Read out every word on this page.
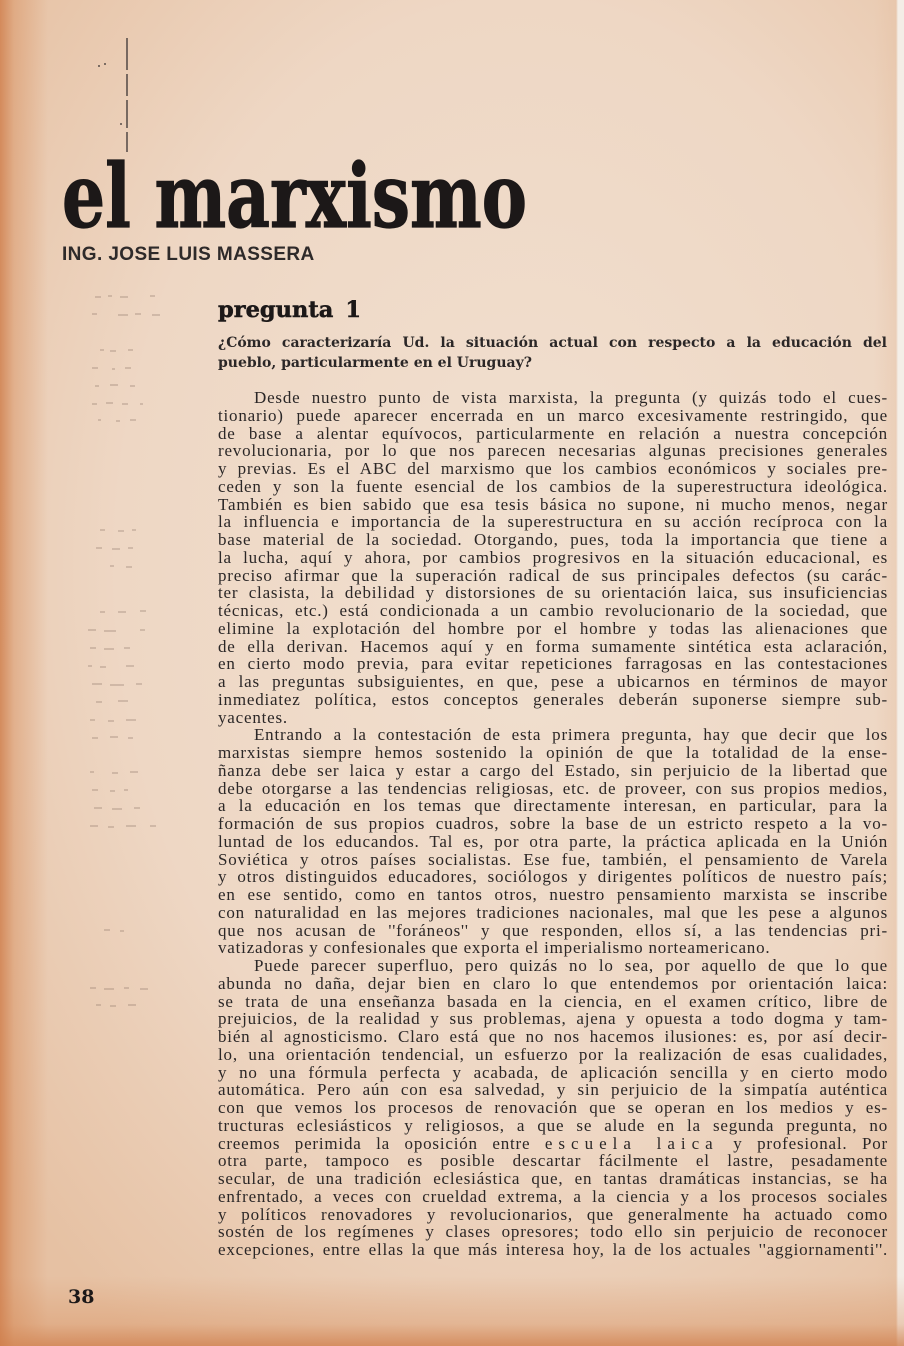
el marxismo
ING. JOSE LUIS MASSERA
pregunta 1
¿Cómo caracterizaría Ud. la situación actual con respecto a la educación del
pueblo, particularmente en el Uruguay?
Desde nuestro punto de vista marxista, la pregunta (y quizás todo el cues-
tionario) puede aparecer encerrada en un marco excesivamente restringido, que
de base a alentar equívocos, particularmente en relación a nuestra concepción
revolucionaria, por lo que nos parecen necesarias algunas precisiones generales
y previas. Es el ABC del marxismo que los cambios económicos y sociales pre-
ceden y son la fuente esencial de los cambios de la superestructura ideológica.
También es bien sabido que esa tesis básica no supone, ni mucho menos, negar
la influencia e importancia de la superestructura en su acción recíproca con la
base material de la sociedad. Otorgando, pues, toda la importancia que tiene a
la lucha, aquí y ahora, por cambios progresivos en la situación educacional, es
preciso afirmar que la superación radical de sus principales defectos (su carác-
ter clasista, la debilidad y distorsiones de su orientación laica, sus insuficiencias
técnicas, etc.) está condicionada a un cambio revolucionario de la sociedad, que
elimine la explotación del hombre por el hombre y todas las alienaciones que
de ella derivan. Hacemos aquí y en forma sumamente sintética esta aclaración,
en cierto modo previa, para evitar repeticiones farragosas en las contestaciones
a las preguntas subsiguientes, en que, pese a ubicarnos en términos de mayor
inmediatez política, estos conceptos generales deberán suponerse siempre sub-
yacentes.
Entrando a la contestación de esta primera pregunta, hay que decir que los
marxistas siempre hemos sostenido la opinión de que la totalidad de la ense-
ñanza debe ser laica y estar a cargo del Estado, sin perjuicio de la libertad que
debe otorgarse a las tendencias religiosas, etc. de proveer, con sus propios medios,
a la educación en los temas que directamente interesan, en particular, para la
formación de sus propios cuadros, sobre la base de un estricto respeto a la vo-
luntad de los educandos. Tal es, por otra parte, la práctica aplicada en la Unión
Soviética y otros países socialistas. Ese fue, también, el pensamiento de Varela
y otros distinguidos educadores, sociólogos y dirigentes políticos de nuestro país;
en ese sentido, como en tantos otros, nuestro pensamiento marxista se inscribe
con naturalidad en las mejores tradiciones nacionales, mal que les pese a algunos
que nos acusan de ''foráneos'' y que responden, ellos sí, a las tendencias pri-
vatizadoras y confesionales que exporta el imperialismo norteamericano.
Puede parecer superfluo, pero quizás no lo sea, por aquello de que lo que
abunda no daña, dejar bien en claro lo que entendemos por orientación laica:
se trata de una enseñanza basada en la ciencia, en el examen crítico, libre de
prejuicios, de la realidad y sus problemas, ajena y opuesta a todo dogma y tam-
bién al agnosticismo. Claro está que no nos hacemos ilusiones: es, por así decir-
lo, una orientación tendencial, un esfuerzo por la realización de esas cualidades,
y no una fórmula perfecta y acabada, de aplicación sencilla y en cierto modo
automática. Pero aún con esa salvedad, y sin perjuicio de la simpatía auténtica
con que vemos los procesos de renovación que se operan en los medios y es-
tructuras eclesiásticos y religiosos, a que se alude en la segunda pregunta, no
creemos perimida la oposición entre escuela laica y profesional. Por
otra parte, tampoco es posible descartar fácilmente el lastre, pesadamente
secular, de una tradición eclesiástica que, en tantas dramáticas instancias, se ha
enfrentado, a veces con crueldad extrema, a la ciencia y a los procesos sociales
y políticos renovadores y revolucionarios, que generalmente ha actuado como
sostén de los regímenes y clases opresores; todo ello sin perjuicio de reconocer
excepciones, entre ellas la que más interesa hoy, la de los actuales ''aggiornamenti''.
38
